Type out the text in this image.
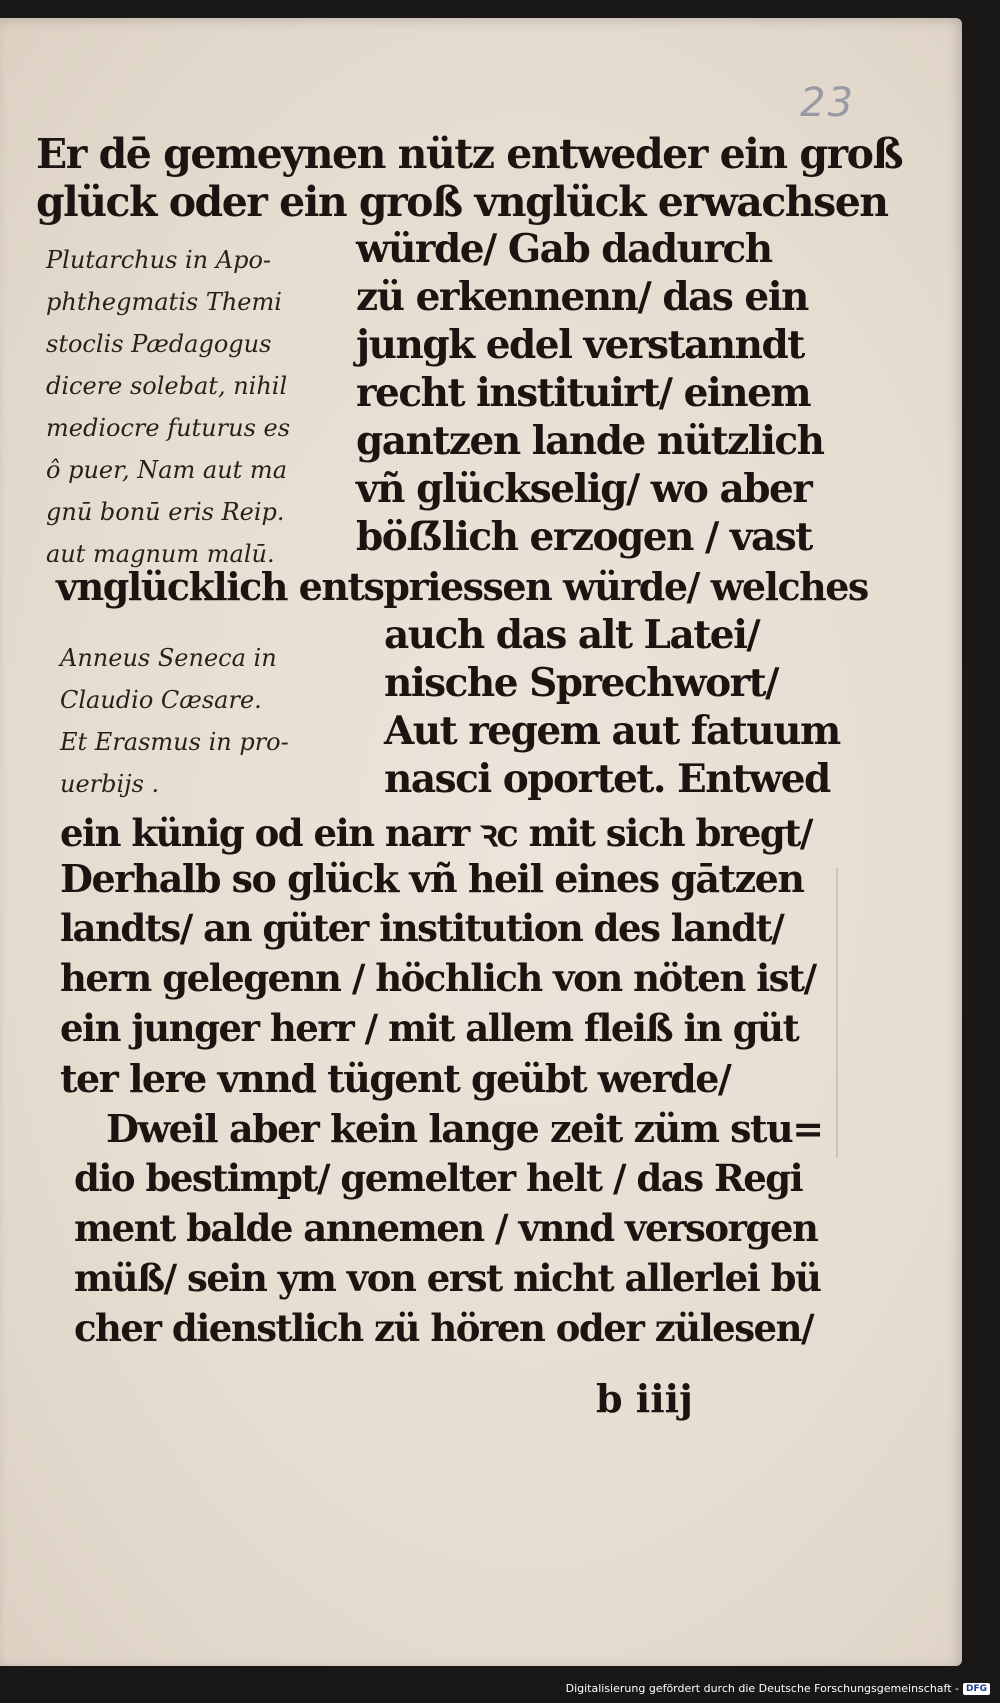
23
Er dē gemeynen nütz entweder ein groß
glück oder ein groß vnglück erwachsen
würde/ Gab dadurch
zü erkennenn/ das ein
jungk edel verstanndt
recht instituirt/ einem
gantzen lande nützlich
vñ glückselig/ wo aber
böẞlich erzogen / vast
vnglücklich entspriessen würde/ welches
auch das alt Latei/
nische Sprechwort/
Aut regem aut fatuum
nasci oportet. Entwed
ein künig od ein narr ꝛc mit sich bregt/
Derhalb so glück vñ heil eines gātzen
landts/ an güter institution des landt/
hern gelegenn / höchlich von nöten ist/
ein junger herr / mit allem fleiß in güt
ter lere vnnd tügent geübt werde/
Dweil aber kein lange zeit züm stu=
dio bestimpt/ gemelter helt / das Regi
ment balde annemen / vnnd versorgen
müß/ sein ym von erst nicht allerlei bü
cher dienstlich zü hören oder zülesen/
Plutarchus in Apo-
phthegmatis Themi
stoclis Pædagogus
dicere solebat, nihil
mediocre futurus es
ô puer, Nam aut ma
gnū bonū eris Reip.
aut magnum malū.
Anneus Seneca in
Claudio Cæsare.
Et Erasmus in pro-
uerbijs .
b iiij
Digitalisierung gefördert durch die Deutsche Forschungsgemeinschaft - DFG
